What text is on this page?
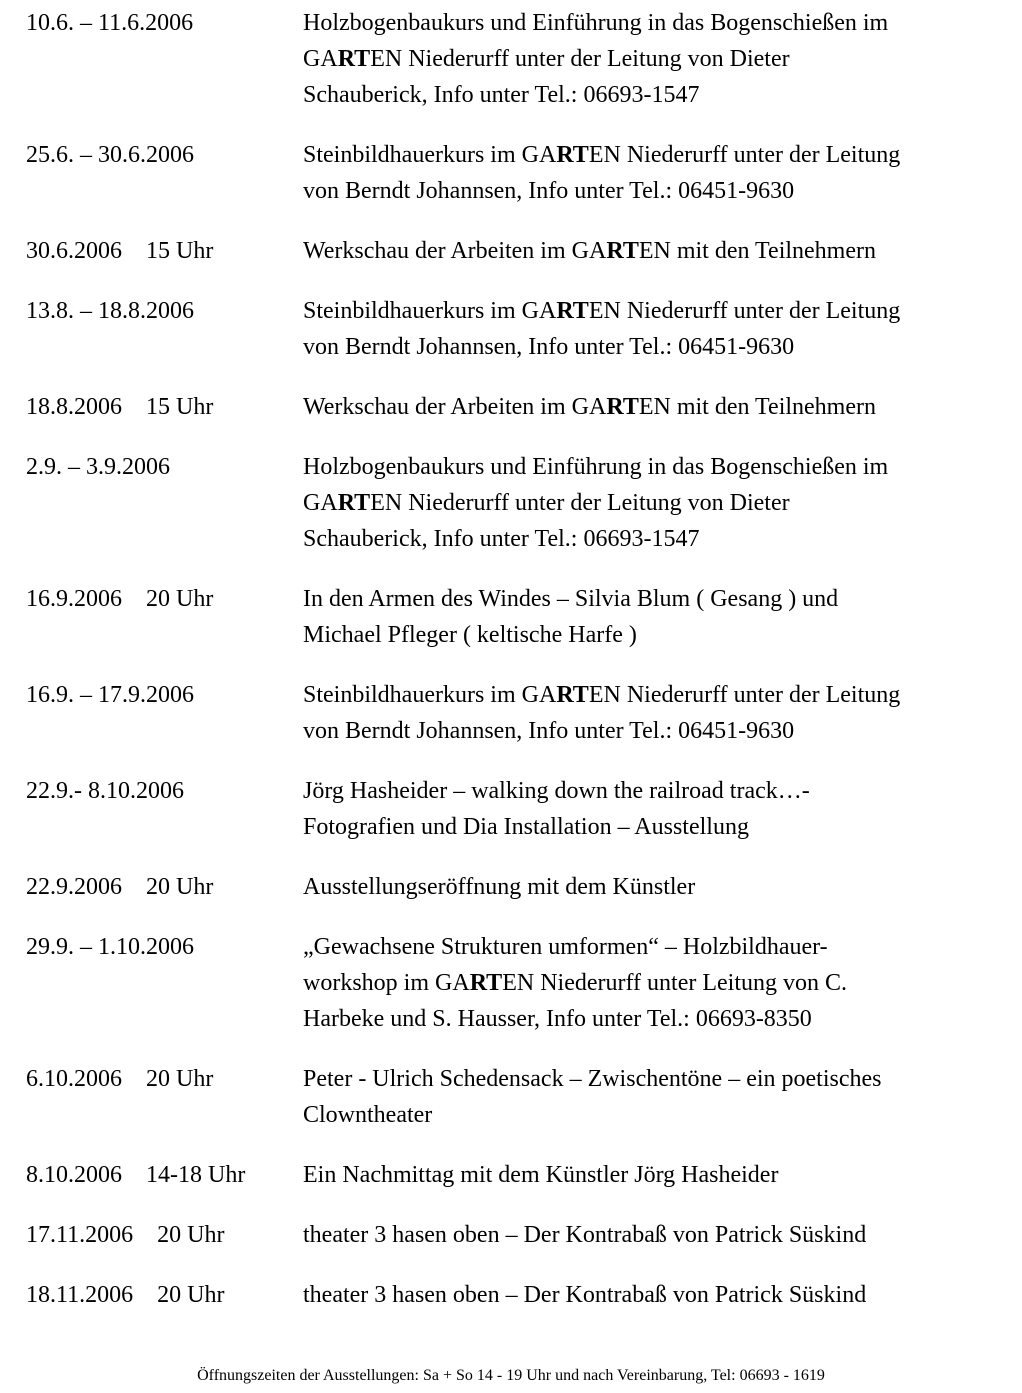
10.6. – 11.6.2006	Holzbogenbaukurs und Einführung in das Bogenschießen im
GARTEN Niederurff unter der Leitung von Dieter
Schauberick, Info unter Tel.: 06693-1547
25.6. – 30.6.2006	Steinbildhauerkurs im GARTEN Niederurff unter der Leitung
von Berndt Johannsen, Info unter Tel.: 06451-9630
30.6.2006    15 Uhr	Werkschau der Arbeiten im GARTEN mit den Teilnehmern
13.8. – 18.8.2006	Steinbildhauerkurs im GARTEN Niederurff unter der Leitung
von Berndt Johannsen, Info unter Tel.: 06451-9630
18.8.2006    15 Uhr	Werkschau der Arbeiten im GARTEN mit den Teilnehmern
2.9. – 3.9.2006	Holzbogenbaukurs und Einführung in das Bogenschießen im
GARTEN Niederurff unter der Leitung von Dieter
Schauberick, Info unter Tel.: 06693-1547
16.9.2006    20 Uhr	In den Armen des Windes – Silvia Blum ( Gesang ) und
Michael Pfleger ( keltische Harfe )
16.9. – 17.9.2006	Steinbildhauerkurs im GARTEN Niederurff unter der Leitung
von Berndt Johannsen, Info unter Tel.: 06451-9630
22.9.- 8.10.2006	Jörg Hasheider – walking down the railroad track…-
Fotografien und Dia Installation – Ausstellung
22.9.2006    20 Uhr	Ausstellungseröffnung mit dem Künstler
29.9. – 1.10.2006	„Gewachsene Strukturen umformen“ – Holzbildhauer-
workshop im GARTEN Niederurff unter Leitung von C.
Harbeke und S. Hausser, Info unter Tel.: 06693-8350
6.10.2006    20 Uhr	Peter - Ulrich Schedensack – Zwischentöne – ein poetisches
Clowntheater
8.10.2006    14-18 Uhr	Ein Nachmittag mit dem Künstler Jörg Hasheider
17.11.2006    20 Uhr	theater 3 hasen oben – Der Kontrabaß von Patrick Süskind
18.11.2006    20 Uhr	theater 3 hasen oben – Der Kontrabaß von Patrick Süskind
Öffnungszeiten der Ausstellungen: Sa + So 14 - 19 Uhr und nach Vereinbarung, Tel: 06693 - 1619
